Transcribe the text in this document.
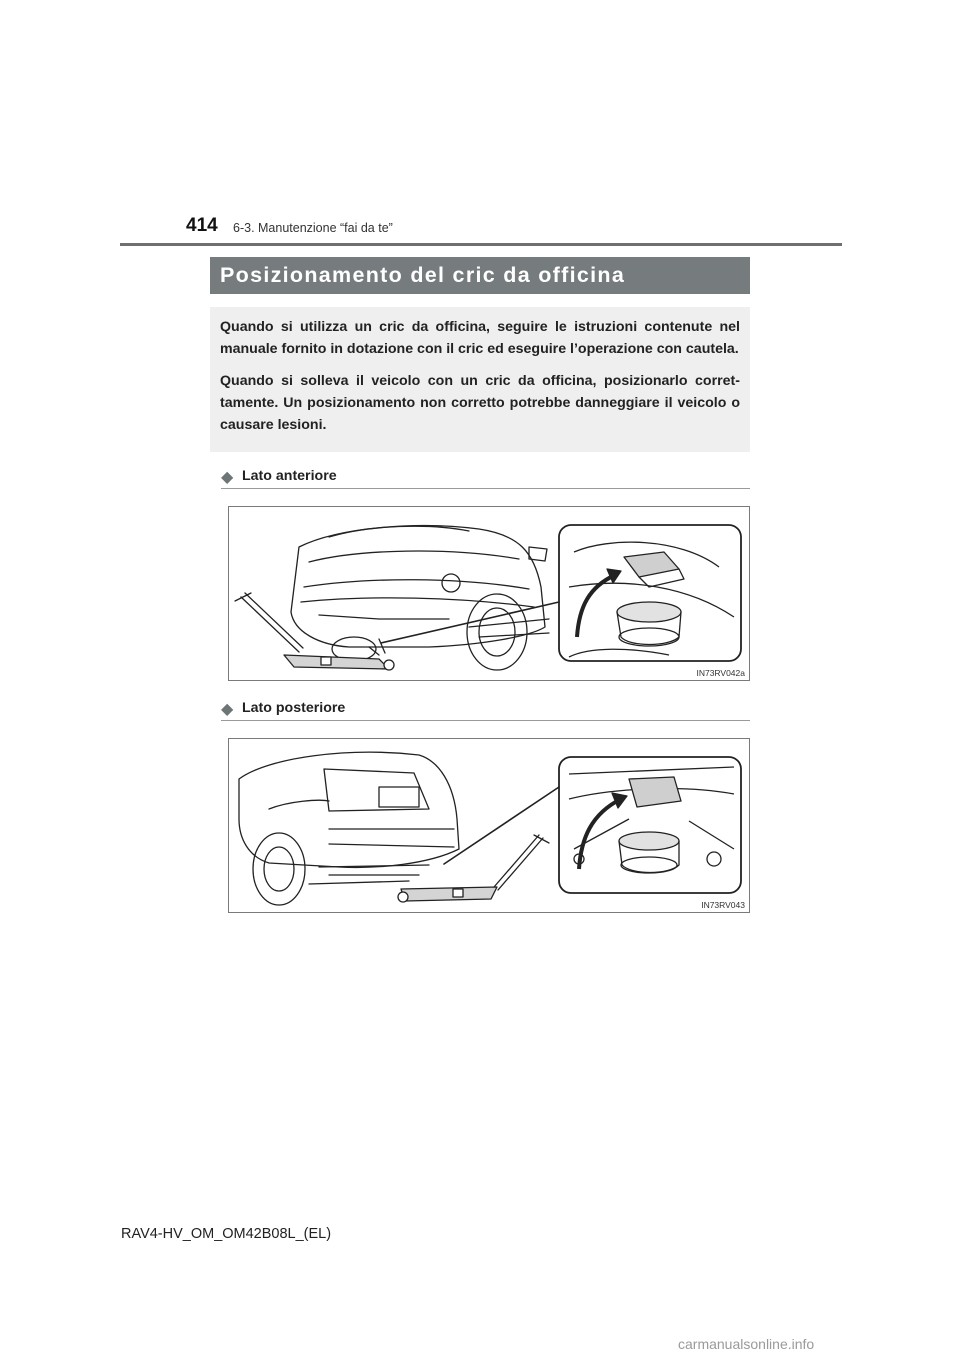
414 6-3. Manutenzione “fai da te”
Posizionamento del cric da officina

Quando si utilizza un cric da officina, seguire le istruzioni contenute nel manuale fornito in dotazione con il cric ed eseguire l’operazione con cautela.

Quando si solleva il veicolo con un cric da officina, posizionarlo correttamente. Un posizionamento non corretto potrebbe danneggiare il veicolo o causare lesioni.

◆ Lato anteriore
IN73RV042a
◆ Lato posteriore
IN73RV043
RAV4-HV_OM_OM42B08L_(EL)
carmanualsonline.info
